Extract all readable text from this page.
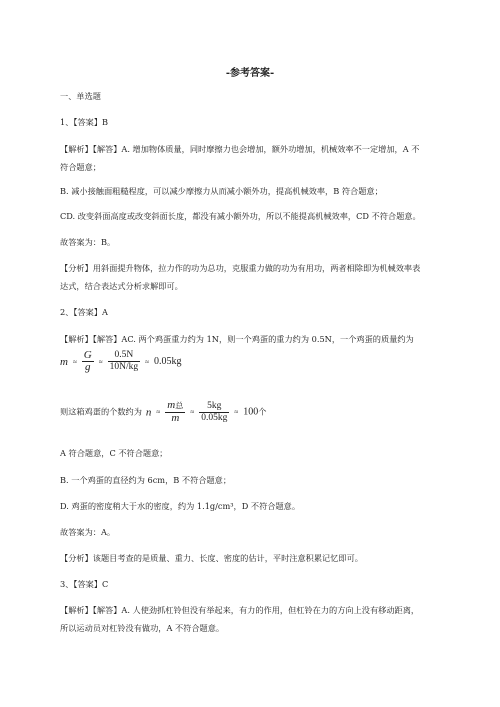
-参考答案-
一、单选题
1、【答案】B
【解析】【解答】A. 增加物体质量，同时摩擦力也会增加，额外功增加，机械效率不一定增加，A 不
符合题意；
B. 减小接触面粗糙程度，可以减少摩擦力从而减小额外功，提高机械效率，B 符合题意；
CD. 改变斜面高度或改变斜面长度，都没有减小额外功，所以不能提高机械效率，CD 不符合题意。
故答案为：B。
【分析】用斜面提升物体，拉力作的功为总功，克服重力做的功为有用功，两者相除即为机械效率表
达式，结合表达式分析求解即可。
2、【答案】A
【解析】【解答】AC. 两个鸡蛋重力约为 1N，则一个鸡蛋的重力约为 0.5N，一个鸡蛋的质量约为
$m \approx \frac{G}{g} \approx \frac{0.5N}{10N/kg} \approx 0.05kg$
则这箱鸡蛋的个数约为 $n \approx \frac{\text{m总}}{m} \approx \frac{5kg}{0.05kg} \approx 100$个
A 符合题意，C 不符合题意；
B. 一个鸡蛋的直径约为 6cm，B 不符合题意；
D. 鸡蛋的密度稍大于水的密度，约为 1.1g/cm³，D 不符合题意。
故答案为：A。
【分析】该题目考查的是质量、重力、长度、密度的估计，平时注意积累记忆即可。
3、【答案】C
【解析】【解答】A. 人使劲抓杠铃但没有举起来，有力的作用，但杠铃在力的方向上没有移动距离，
所以运动员对杠铃没有做功，A 不符合题意。
